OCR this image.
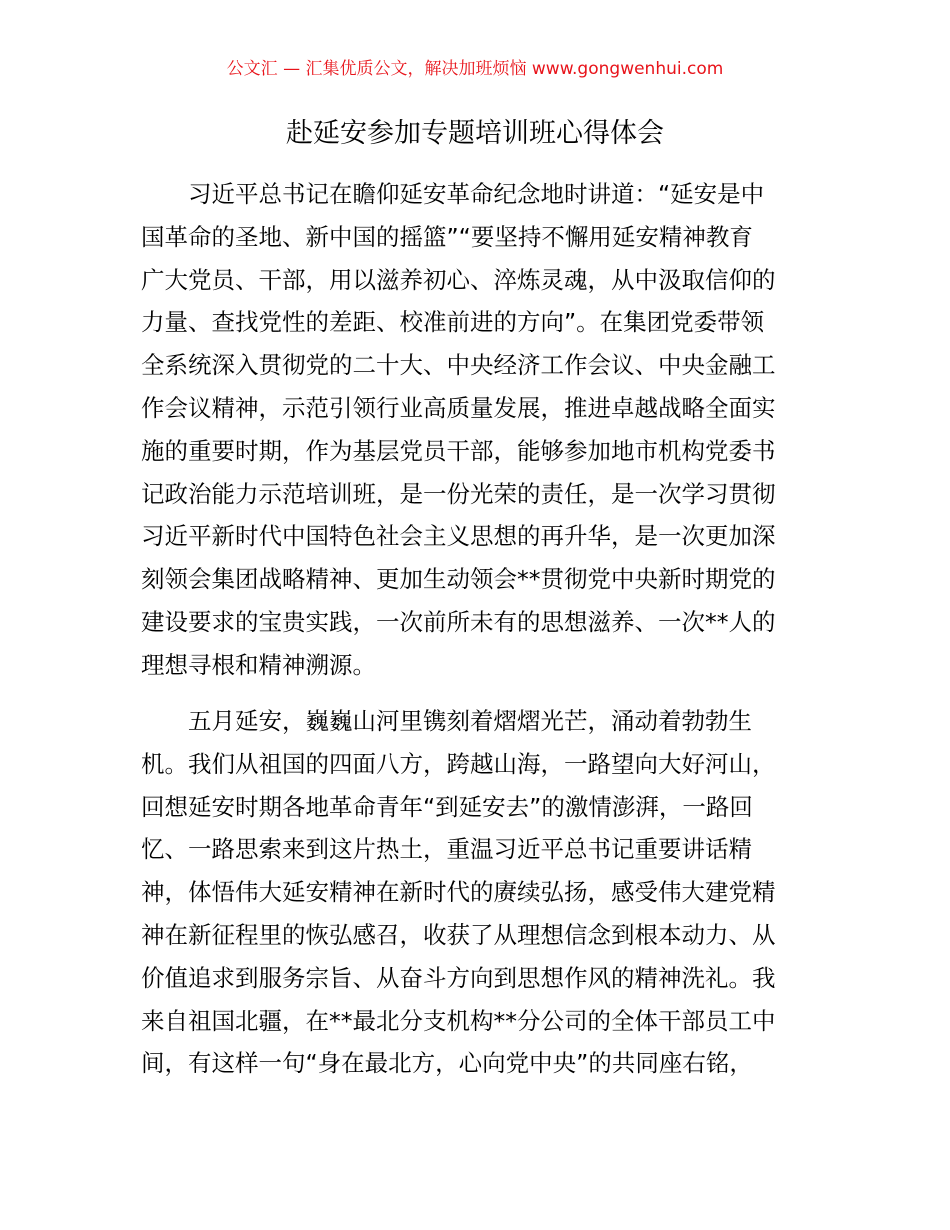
公文汇 — 汇集优质公文，解决加班烦恼 www.gongwenhui.com
赴延安参加专题培训班心得体会
　　习近平总书记在瞻仰延安革命纪念地时讲道：“延安是中
国革命的圣地、新中国的摇篮”“要坚持不懈用延安精神教育
广大党员、干部，用以滋养初心、淬炼灵魂，从中汲取信仰的
力量、查找党性的差距、校准前进的方向”。在集团党委带领
全系统深入贯彻党的二十大、中央经济工作会议、中央金融工
作会议精神，示范引领行业高质量发展，推进卓越战略全面实
施的重要时期，作为基层党员干部，能够参加地市机构党委书
记政治能力示范培训班，是一份光荣的责任，是一次学习贯彻
习近平新时代中国特色社会主义思想的再升华，是一次更加深
刻领会集团战略精神、更加生动领会**贯彻党中央新时期党的
建设要求的宝贵实践，一次前所未有的思想滋养、一次**人的
理想寻根和精神溯源。
　　五月延安，巍巍山河里镌刻着熠熠光芒，涌动着勃勃生
机。我们从祖国的四面八方，跨越山海，一路望向大好河山，
回想延安时期各地革命青年“到延安去”的激情澎湃，一路回
忆、一路思索来到这片热土，重温习近平总书记重要讲话精
神，体悟伟大延安精神在新时代的赓续弘扬，感受伟大建党精
神在新征程里的恢弘感召，收获了从理想信念到根本动力、从
价值追求到服务宗旨、从奋斗方向到思想作风的精神洗礼。我
来自祖国北疆，在**最北分支机构**分公司的全体干部员工中
间，有这样一句“身在最北方，心向党中央”的共同座右铭，
